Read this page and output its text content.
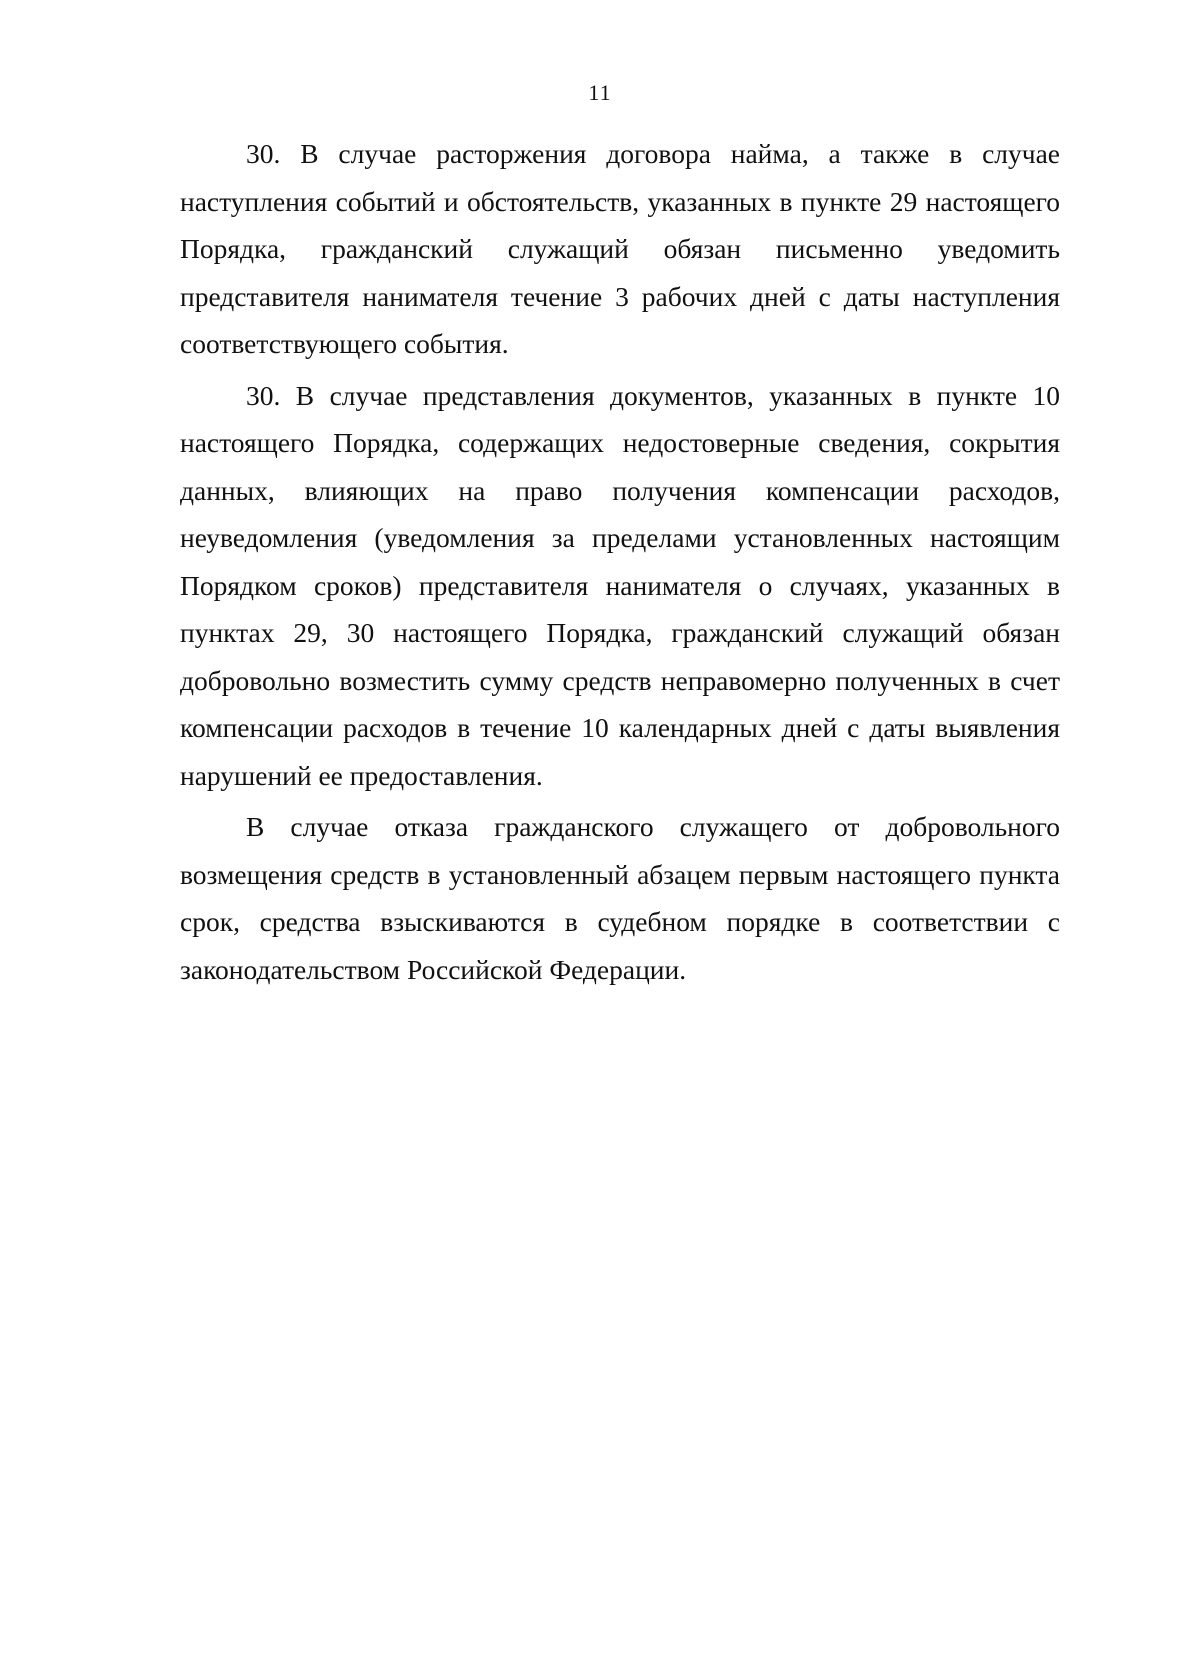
11

30. В случае расторжения договора найма, а также в случае наступления событий и обстоятельств, указанных в пункте 29 настоящего Порядка, гражданский служащий обязан письменно уведомить представителя нанимателя течение 3 рабочих дней с даты наступления соответствующего события.

30. В случае представления документов, указанных в пункте 10 настоящего Порядка, содержащих недостоверные сведения, сокрытия данных, влияющих на право получения компенсации расходов, неуведомления (уведомления за пределами установленных настоящим Порядком сроков) представителя нанимателя о случаях, указанных в пунктах 29, 30 настоящего Порядка, гражданский служащий обязан добровольно возместить сумму средств неправомерно полученных в счет компенсации расходов в течение 10 календарных дней с даты выявления нарушений ее предоставления.

В случае отказа гражданского служащего от добровольного возмещения средств в установленный абзацем первым настоящего пункта срок, средства взыскиваются в судебном порядке в соответствии с законодательством Российской Федерации.
